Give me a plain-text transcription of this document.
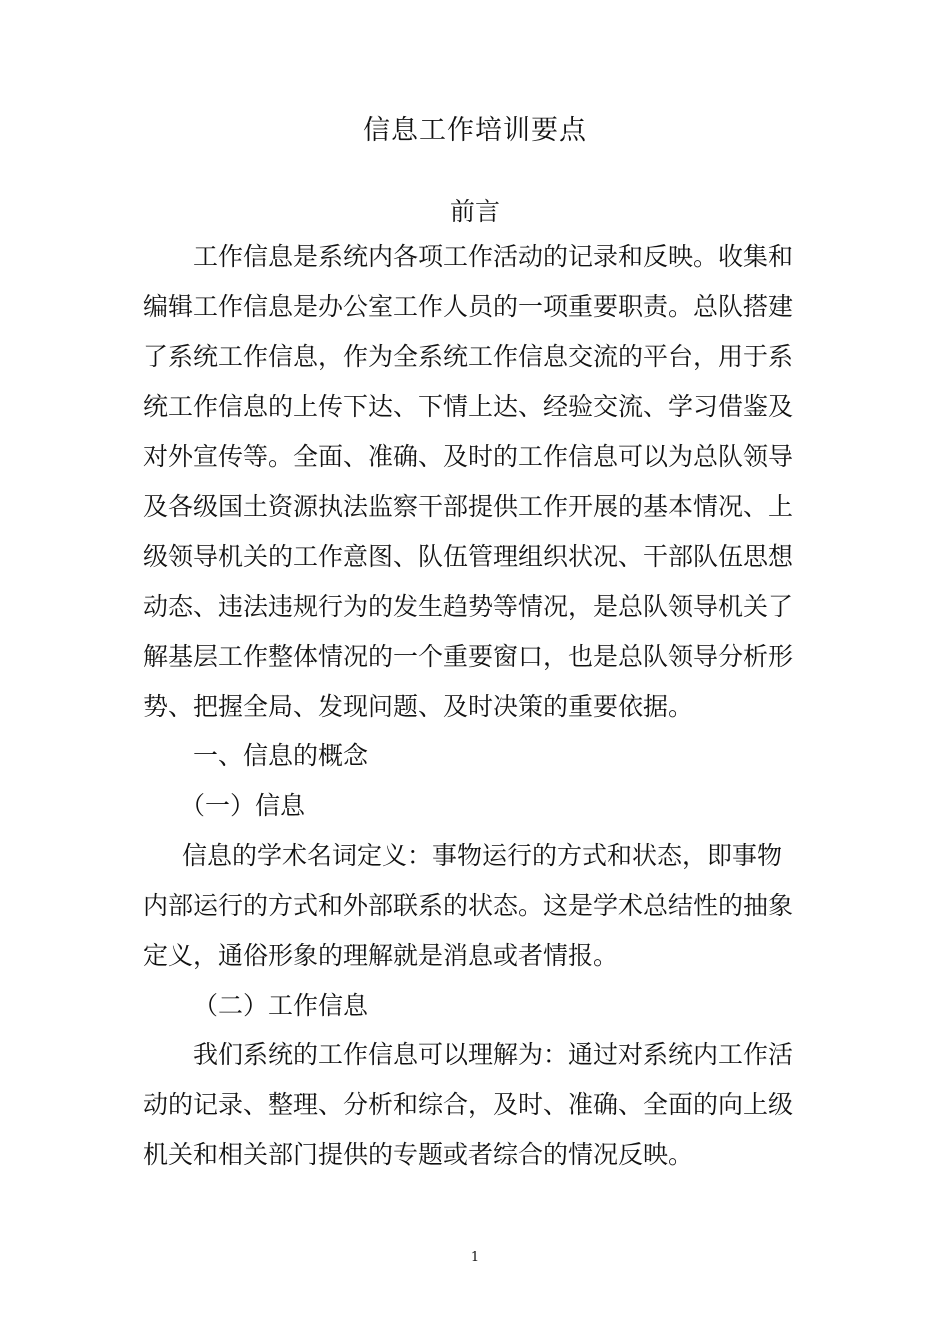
信息工作培训要点
前言
工作信息是系统内各项工作活动的记录和反映。收集和
编辑工作信息是办公室工作人员的一项重要职责。总队搭建
了系统工作信息，作为全系统工作信息交流的平台，用于系
统工作信息的上传下达、下情上达、经验交流、学习借鉴及
对外宣传等。全面、准确、及时的工作信息可以为总队领导
及各级国土资源执法监察干部提供工作开展的基本情况、上
级领导机关的工作意图、队伍管理组织状况、干部队伍思想
动态、违法违规行为的发生趋势等情况，是总队领导机关了
解基层工作整体情况的一个重要窗口，也是总队领导分析形
势、把握全局、发现问题、及时决策的重要依据。
一、信息的概念
（一）信息
信息的学术名词定义：事物运行的方式和状态，即事物
内部运行的方式和外部联系的状态。这是学术总结性的抽象
定义，通俗形象的理解就是消息或者情报。
（二）工作信息
我们系统的工作信息可以理解为：通过对系统内工作活
动的记录、整理、分析和综合，及时、准确、全面的向上级
机关和相关部门提供的专题或者综合的情况反映。
1
